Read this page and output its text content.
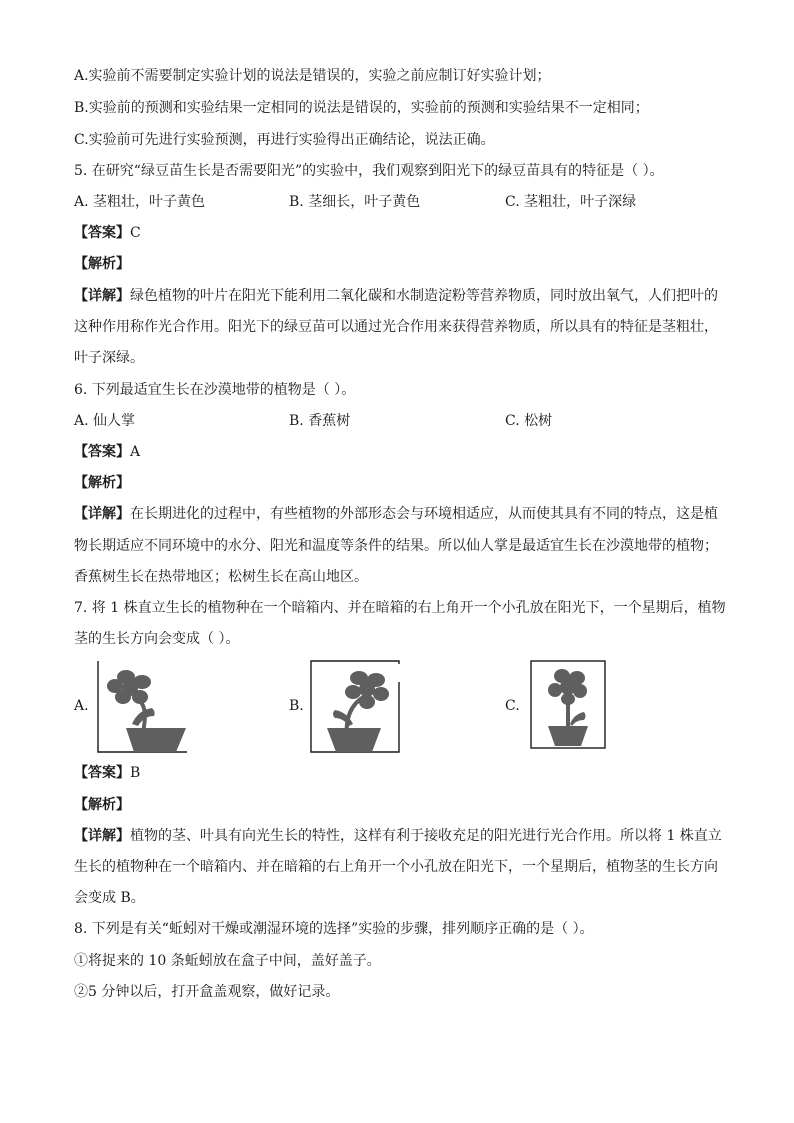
A.实验前不需要制定实验计划的说法是错误的，实验之前应制订好实验计划；
B.实验前的预测和实验结果一定相同的说法是错误的，实验前的预测和实验结果不一定相同；
C.实验前可先进行实验预测，再进行实验得出正确结论，说法正确。
5. 在研究“绿豆苗生长是否需要阳光”的实验中，我们观察到阳光下的绿豆苗具有的特征是（ ）。
A. 茎粗壮，叶子黄色	B. 茎细长，叶子黄色	C. 茎粗壮，叶子深绿
【答案】C
【解析】
【详解】绿色植物的叶片在阳光下能利用二氧化碳和水制造淀粉等营养物质，同时放出氧气，人们把叶的
这种作用称作光合作用。阳光下的绿豆苗可以通过光合作用来获得营养物质，所以具有的特征是茎粗壮，
叶子深绿。
6. 下列最适宜生长在沙漠地带的植物是（ ）。
A. 仙人掌	B. 香蕉树	C. 松树
【答案】A
【解析】
【详解】在长期进化的过程中，有些植物的外部形态会与环境相适应，从而使其具有不同的特点，这是植
物长期适应不同环境中的水分、阳光和温度等条件的结果。所以仙人掌是最适宜生长在沙漠地带的植物；
香蕉树生长在热带地区；松树生长在高山地区。
7. 将 1 株直立生长的植物种在一个暗箱内、并在暗箱的右上角开一个小孔放在阳光下，一个星期后，植物
茎的生长方向会变成（ ）。
A.	B.	C.
【答案】B
【解析】
【详解】植物的茎、叶具有向光生长的特性，这样有利于接收充足的阳光进行光合作用。所以将 1 株直立
生长的植物种在一个暗箱内、并在暗箱的右上角开一个小孔放在阳光下，一个星期后，植物茎的生长方向
会变成 B。
8. 下列是有关“蚯蚓对干燥或潮湿环境的选择”实验的步骤，排列顺序正确的是（ ）。
①将捉来的 10 条蚯蚓放在盒子中间，盖好盖子。
②5 分钟以后，打开盒盖观察，做好记录。
